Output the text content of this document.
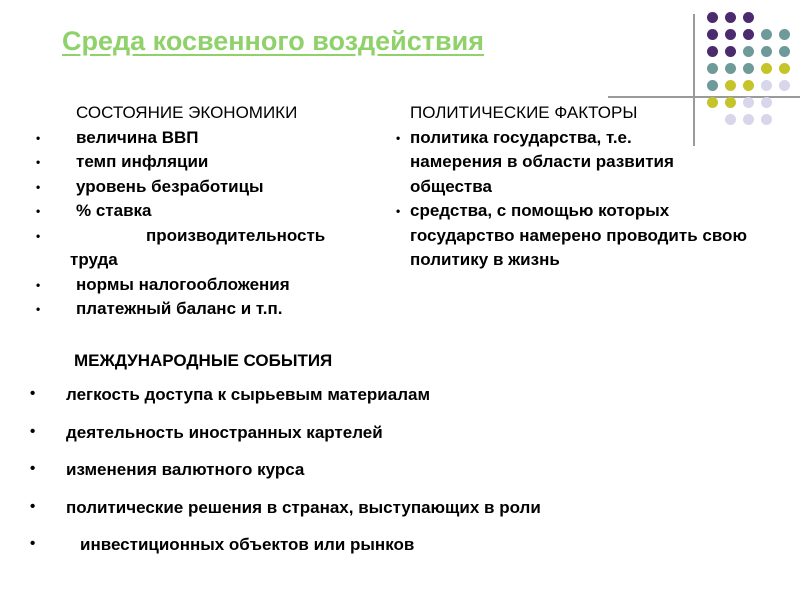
Среда косвенного воздействия
СОСТОЯНИЕ ЭКОНОМИКИ
• величина ВВП
• темп инфляции
• уровень безработицы
• % ставка
•	производительность
труда
• нормы налогообложения
• платежный баланс и т.п.
ПОЛИТИЧЕСКИЕ ФАКТОРЫ
• политика государства, т.е. намерения в области развития общества
• средства, с помощью которых государство намерено проводить свою политику в жизнь
МЕЖДУНАРОДНЫЕ СОБЫТИЯ
• легкость доступа к сырьевым материалам
• деятельность иностранных картелей
• изменения валютного курса
• политические решения в странах, выступающих в роли
•	инвестиционных объектов или рынков
